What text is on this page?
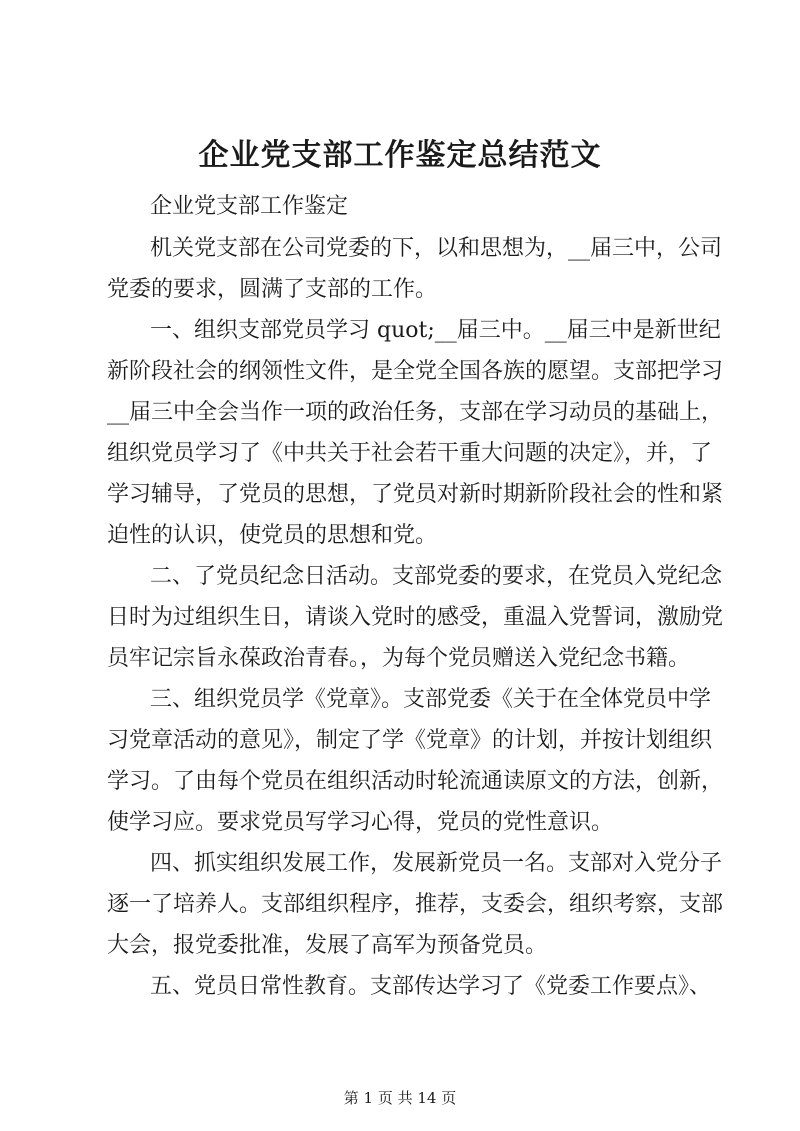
企业党支部工作鉴定总结范文
企业党支部工作鉴定
机关党支部在公司党委的下，以和思想为，__届三中，公司
党委的要求，圆满了支部的工作。
一、组织支部党员学习 quot;__届三中。__届三中是新世纪
新阶段社会的纲领性文件，是全党全国各族的愿望。支部把学习
__届三中全会当作一项的政治任务，支部在学习动员的基础上，
组织党员学习了《中共关于社会若干重大问题的决定》，并，了
学习辅导，了党员的思想，了党员对新时期新阶段社会的性和紧
迫性的认识，使党员的思想和党。
二、了党员纪念日活动。支部党委的要求，在党员入党纪念
日时为过组织生日，请谈入党时的感受，重温入党誓词，激励党
员牢记宗旨永葆政治青春。，为每个党员赠送入党纪念书籍。
三、组织党员学《党章》。支部党委《关于在全体党员中学
习党章活动的意见》，制定了学《党章》的计划，并按计划组织
学习。了由每个党员在组织活动时轮流通读原文的方法，创新，
使学习应。要求党员写学习心得，党员的党性意识。
四、抓实组织发展工作，发展新党员一名。支部对入党分子
逐一了培养人。支部组织程序，推荐，支委会，组织考察，支部
大会，报党委批准，发展了高军为预备党员。
五、党员日常性教育。支部传达学习了《党委工作要点》、
第 1 页 共 14 页
